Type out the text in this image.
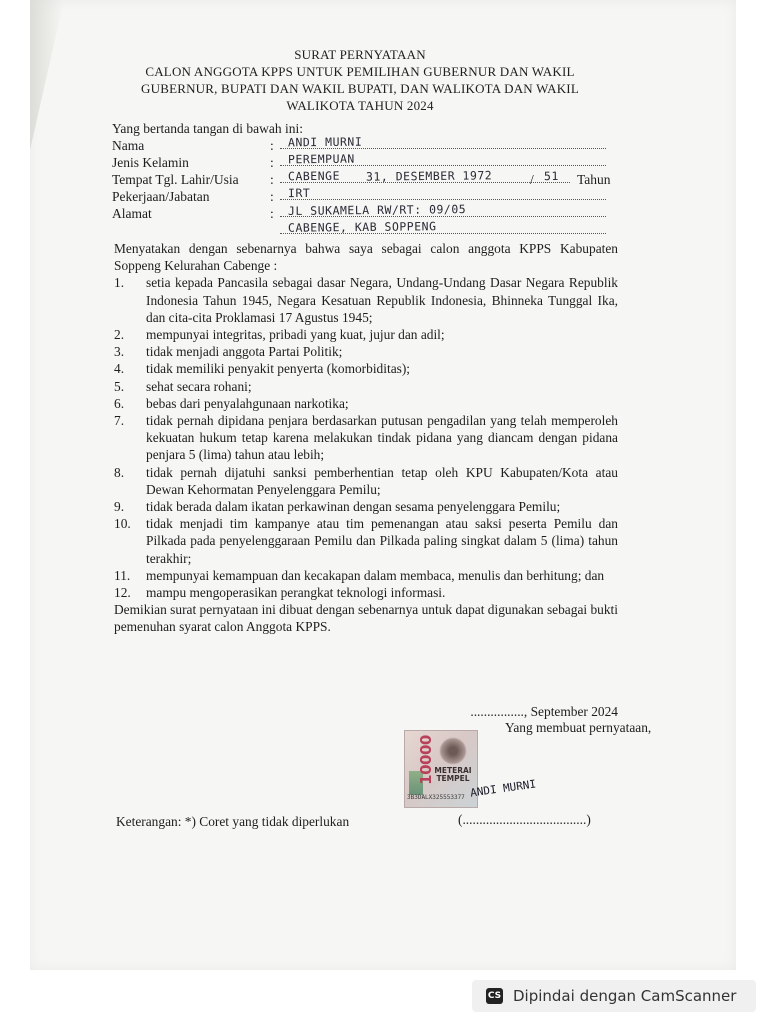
SURAT PERNYATAAN
CALON ANGGOTA KPPS UNTUK PEMILIHAN GUBERNUR DAN WAKIL
GUBERNUR, BUPATI DAN WAKIL BUPATI, DAN WALIKOTA DAN WAKIL
WALIKOTA TAHUN 2024
Yang bertanda tangan di bawah ini:
Nama	: ANDI MURNI
Jenis Kelamin	: PEREMPUAN
Tempat Tgl. Lahir/Usia : CABENGE 31, DESEMBER 1972	/ 51 Tahun
Pekerjaan/Jabatan	: IRT
Alamat	: JL SUKAMELA RW/RT: 09/05
CABENGE, KAB SOPPENG

Menyatakan dengan sebenarnya bahwa saya sebagai calon anggota KPPS Kabupaten Soppeng Kelurahan Cabenge :

1. setia kepada Pancasila sebagai dasar Negara, Undang-Undang Dasar Negara Republik Indonesia Tahun 1945, Negara Kesatuan Republik Indonesia, Bhinneka Tunggal Ika, dan cita-cita Proklamasi 17 Agustus 1945;
2. mempunyai integritas, pribadi yang kuat, jujur dan adil;
3. tidak menjadi anggota Partai Politik;
4. tidak memiliki penyakit penyerta (komorbiditas);
5. sehat secara rohani;
6. bebas dari penyalahgunaan narkotika;
7. tidak pernah dipidana penjara berdasarkan putusan pengadilan yang telah memperoleh kekuatan hukum tetap karena melakukan tindak pidana yang diancam dengan pidana penjara 5 (lima) tahun atau lebih;
8. tidak pernah dijatuhi sanksi pemberhentian tetap oleh KPU Kabupaten/Kota atau Dewan Kehormatan Penyelenggara Pemilu;
9. tidak berada dalam ikatan perkawinan dengan sesama penyelenggara Pemilu;
10. tidak menjadi tim kampanye atau tim pemenangan atau saksi peserta Pemilu dan Pilkada pada penyelenggaraan Pemilu dan Pilkada paling singkat dalam 5 (lima) tahun terakhir;
11. mempunyai kemampuan dan kecakapan dalam membaca, menulis dan berhitung; dan
12. mampu mengoperasikan perangkat teknologi informasi.

Demikian surat pernyataan ini dibuat dengan sebenarnya untuk dapat digunakan sebagai bukti pemenuhan syarat calon Anggota KPPS.

................, September 2024
Yang membuat pernyataan,
10000 METERAI TEMPEL
3B3DALX325553377 ANDI MURNI
(.....................................)
Keterangan: *) Coret yang tidak diperlukan
CS Dipindai dengan CamScanner
